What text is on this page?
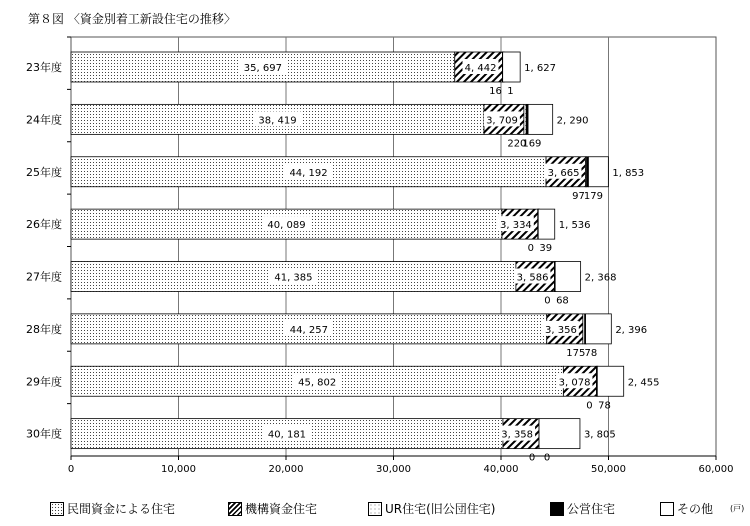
第８図 〈資金別着工新設住宅の推移〉
0	10,000	20,000	30,000	40,000	50,000	60,000
23年度
24年度
25年度
26年度
27年度
28年度
29年度
30年度
35, 697	4, 442
16 1
1, 627
38, 419	3, 709
220
169
2, 290
44, 192	3, 665
97 179
1, 853
40, 089	3, 334
0 39
1, 536
41, 385	3, 586
0 68
2, 368
44, 257	3, 356
175 78
2, 396
45, 802	3, 078
0 78
2, 455
40, 181	3, 358
0 0
3, 805
民間資金による住宅	機構資金住宅	UR住宅(旧公団住宅)	公営住宅	その他 (戸)
